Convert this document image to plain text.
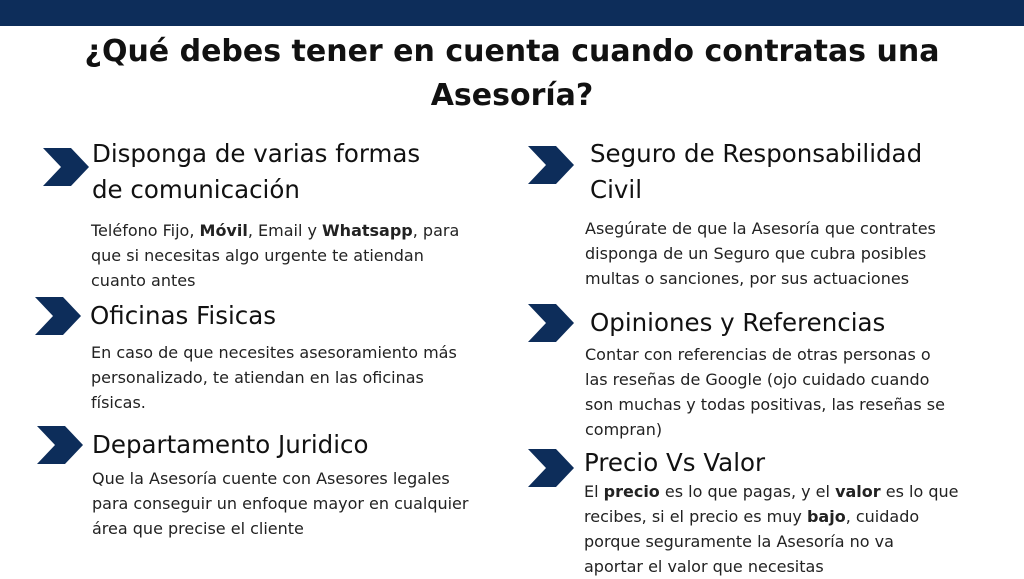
¿Qué debes tener en cuenta cuando contratas una
Asesoría?
Disponga de varias formas
de comunicación
Teléfono Fijo, Móvil, Email y Whatsapp, para
que si necesitas algo urgente te atiendan
cuanto antes
Oficinas Fisicas
En caso de que necesites asesoramiento más
personalizado, te atiendan en las oficinas
físicas.
Departamento Juridico
Que la Asesoría cuente con Asesores legales
para conseguir un enfoque mayor en cualquier
área que precise el cliente
Seguro de Responsabilidad
Civil
Asegúrate de que la Asesoría que contrates
disponga de un Seguro que cubra posibles
multas o sanciones, por sus actuaciones
Opiniones y Referencias
Contar con referencias de otras personas o
las reseñas de Google (ojo cuidado cuando
son muchas y todas positivas, las reseñas se
compran)
Precio Vs Valor
El precio es lo que pagas, y el valor es lo que
recibes, si el precio es muy bajo, cuidado
porque seguramente la Asesoría no va
aportar el valor que necesitas
